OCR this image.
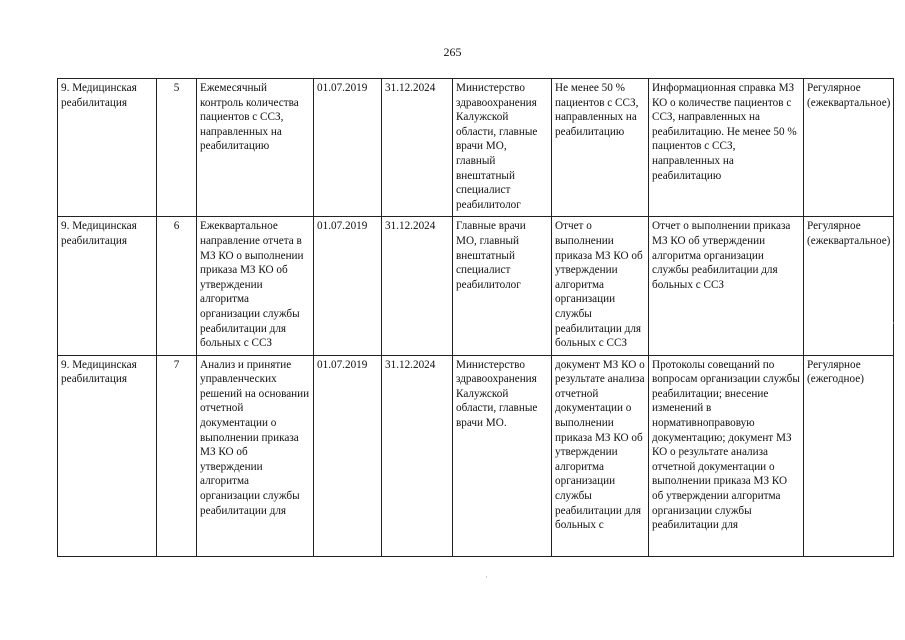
265
9. Медицинская реабилитация	5	Ежемесячный контроль количества пациентов с ССЗ, направленных на реабилитацию	01.07.2019	31.12.2024	Министерство здравоохранения Калужской области, главные врачи МО, главный внештатный специалист реабилитолог	Не менее 50 % пациентов с ССЗ, направленных на реабилитацию	Информационная справка МЗ КО о количестве пациентов с ССЗ, направленных на реабилитацию. Не менее 50 % пациентов с ССЗ, направленных на реабилитацию	Регулярное (ежеквартальное)
9. Медицинская реабилитация	6	Ежеквартальное направление отчета в МЗ КО о выполнении приказа МЗ КО об утверждении алгоритма организации службы реабилитации для больных с ССЗ	01.07.2019	31.12.2024	Главные врачи МО, главный внештатный специалист реабилитолог	Отчет о выполнении приказа МЗ КО об утверждении алгоритма организации службы реабилитации для больных с ССЗ	Отчет о выполнении приказа МЗ КО об утверждении алгоритма организации службы реабилитации для больных с ССЗ	Регулярное (ежеквартальное)

9. Медицинская реабилитация	7	Анализ и принятие управленческих решений на основании отчетной документации о выполнении приказа МЗ КО об утверждении алгоритма организации службы реабилитации для	01.07.2019	31.12.2024	Министерство здравоохранения Калужской области, главные врачи МО.	документ МЗ КО о результате анализа отчетной документации о выполнении приказа МЗ КО об утверждении алгоритма организации службы реабилитации для больных с	Протоколы совещаний по вопросам организации службы реабилитации; внесение изменений в нормативноправовую документацию; документ МЗ КО о результате анализа отчетной документации о выполнении приказа МЗ КО об утверждении алгоритма организации службы реабилитации для	Регулярное (ежегодное)
·
·
